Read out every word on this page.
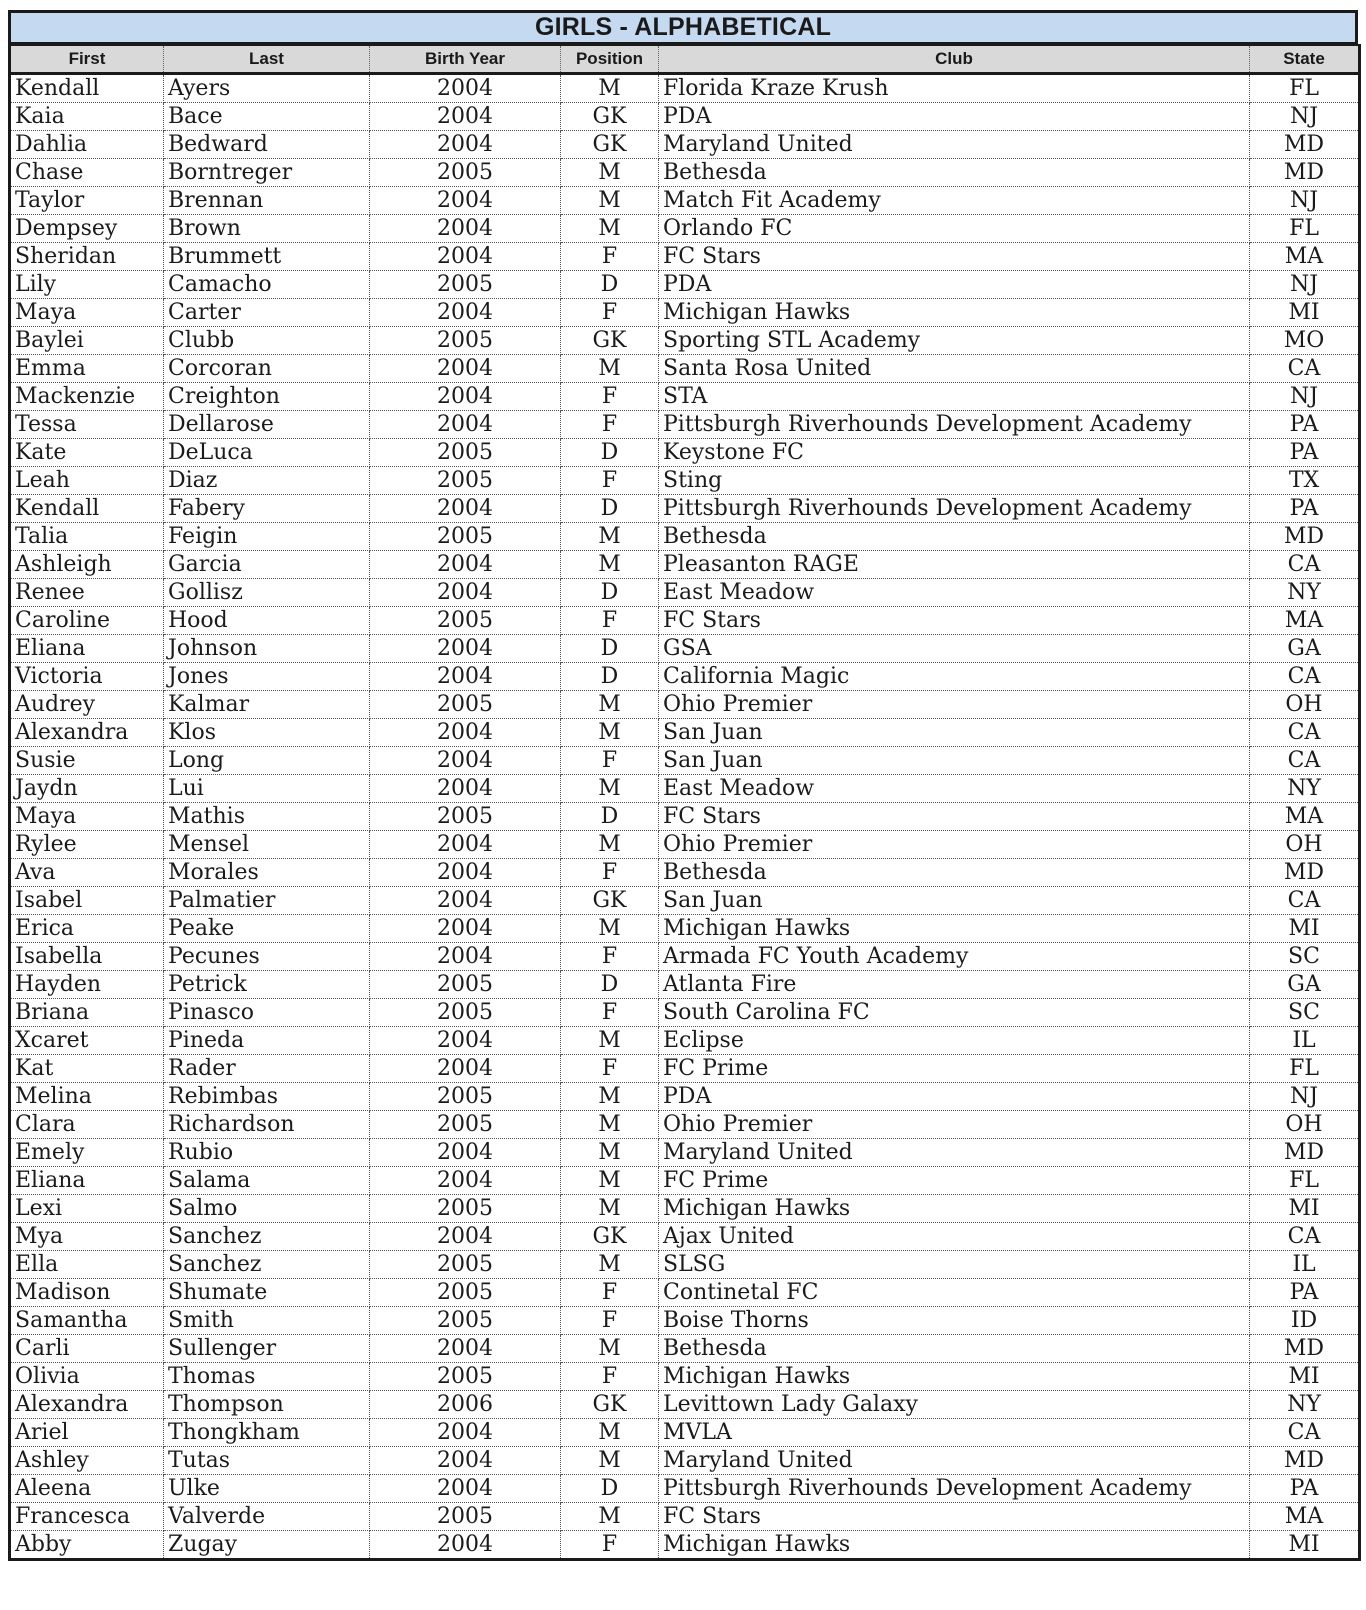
GIRLS - ALPHABETICAL
First	Last	Birth Year	Position	Club	State
Kendall	Ayers	2004	M	Florida Kraze Krush	FL
Kaia	Bace	2004	GK	PDA	NJ
Dahlia	Bedward	2004	GK	Maryland United	MD
Chase	Borntreger	2005	M	Bethesda	MD
Taylor	Brennan	2004	M	Match Fit Academy	NJ
Dempsey	Brown	2004	M	Orlando FC	FL
Sheridan	Brummett	2004	F	FC Stars	MA
Lily	Camacho	2005	D	PDA	NJ
Maya	Carter	2004	F	Michigan Hawks	MI
Baylei	Clubb	2005	GK	Sporting STL Academy	MO
Emma	Corcoran	2004	M	Santa Rosa United	CA
Mackenzie	Creighton	2004	F	STA	NJ
Tessa	Dellarose	2004	F	Pittsburgh Riverhounds Development Academy	PA
Kate	DeLuca	2005	D	Keystone FC	PA
Leah	Diaz	2005	F	Sting	TX
Kendall	Fabery	2004	D	Pittsburgh Riverhounds Development Academy	PA
Talia	Feigin	2005	M	Bethesda	MD
Ashleigh	Garcia	2004	M	Pleasanton RAGE	CA
Renee	Gollisz	2004	D	East Meadow	NY
Caroline	Hood	2005	F	FC Stars	MA
Eliana	Johnson	2004	D	GSA	GA
Victoria	Jones	2004	D	California Magic	CA
Audrey	Kalmar	2005	M	Ohio Premier	OH
Alexandra	Klos	2004	M	San Juan	CA
Susie	Long	2004	F	San Juan	CA
Jaydn	Lui	2004	M	East Meadow	NY
Maya	Mathis	2005	D	FC Stars	MA
Rylee	Mensel	2004	M	Ohio Premier	OH
Ava	Morales	2004	F	Bethesda	MD
Isabel	Palmatier	2004	GK	San Juan	CA
Erica	Peake	2004	M	Michigan Hawks	MI
Isabella	Pecunes	2004	F	Armada FC Youth Academy	SC
Hayden	Petrick	2005	D	Atlanta Fire	GA
Briana	Pinasco	2005	F	South Carolina FC	SC
Xcaret	Pineda	2004	M	Eclipse	IL
Kat	Rader	2004	F	FC Prime	FL
Melina	Rebimbas	2005	M	PDA	NJ
Clara	Richardson	2005	M	Ohio Premier	OH
Emely	Rubio	2004	M	Maryland United	MD
Eliana	Salama	2004	M	FC Prime	FL
Lexi	Salmo	2005	M	Michigan Hawks	MI
Mya	Sanchez	2004	GK	Ajax United	CA
Ella	Sanchez	2005	M	SLSG	IL
Madison	Shumate	2005	F	Continetal FC	PA
Samantha	Smith	2005	F	Boise Thorns	ID
Carli	Sullenger	2004	M	Bethesda	MD
Olivia	Thomas	2005	F	Michigan Hawks	MI
Alexandra	Thompson	2006	GK	Levittown Lady Galaxy	NY
Ariel	Thongkham	2004	M	MVLA	CA
Ashley	Tutas	2004	M	Maryland United	MD
Aleena	Ulke	2004	D	Pittsburgh Riverhounds Development Academy	PA
Francesca	Valverde	2005	M	FC Stars	MA
Abby	Zugay	2004	F	Michigan Hawks	MI
